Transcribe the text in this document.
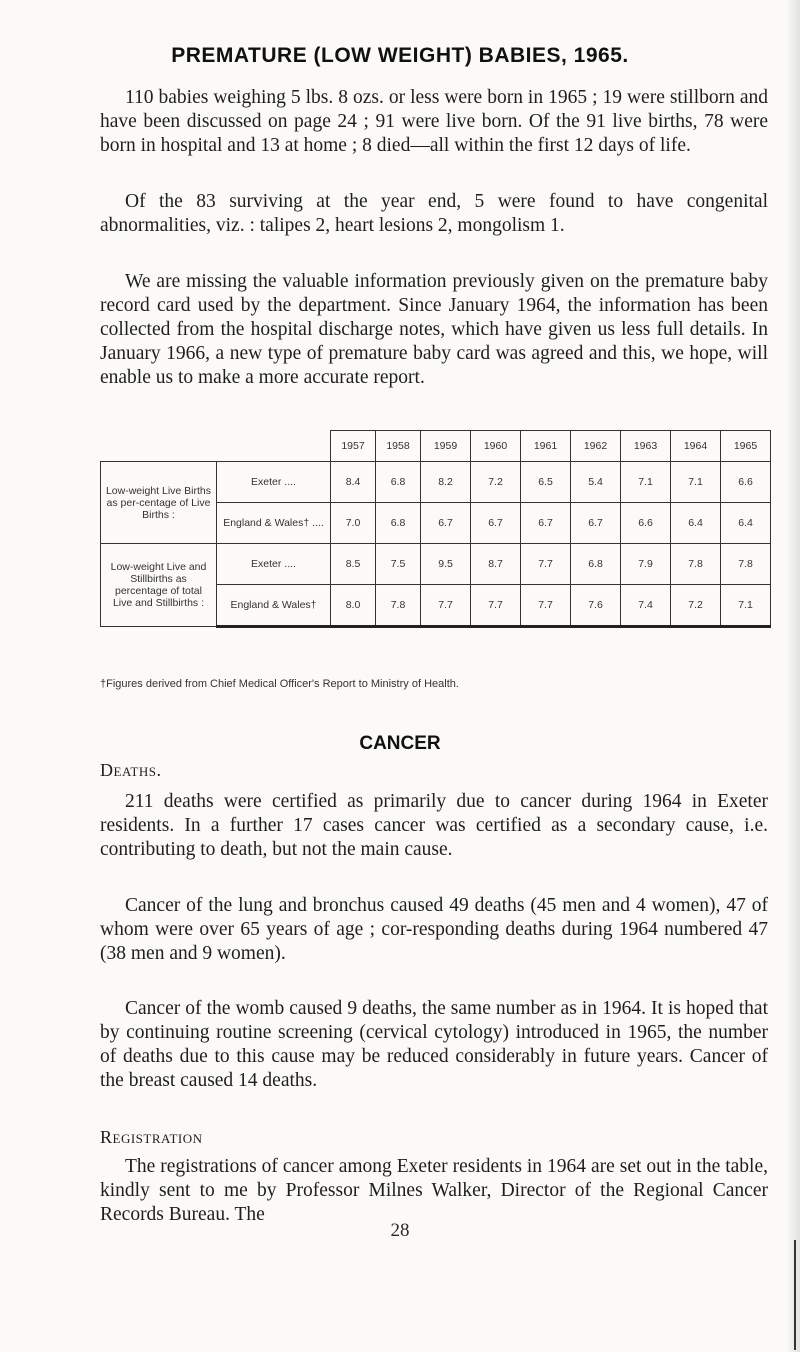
PREMATURE (LOW WEIGHT) BABIES, 1965.

110 babies weighing 5 lbs. 8 ozs. or less were born in 1965 ; 19 were stillborn and have been discussed on page 24 ; 91 were live born. Of the 91 live births, 78 were born in hospital and 13 at home ; 8 died—all within the first 12 days of life.

Of the 83 surviving at the year end, 5 were found to have congenital abnormalities, viz. : talipes 2, heart lesions 2, mongolism 1.

We are missing the valuable information previously given on the premature baby record card used by the department. Since January 1964, the information has been collected from the hospital discharge notes, which have given us less full details. In January 1966, a new type of premature baby card was agreed and this, we hope, will enable us to make a more accurate report.

		1957	1958	1959	1960	1961	1962	1963	1964	1965
Low-weight Live Births as per-centage of Live Births :	Exeter ....	8.4	6.8	8.2	7.2	6.5	5.4	7.1	7.1	6.6
	England & Wales† ....	7.0	6.8	6.7	6.7	6.7	6.7	6.6	6.4	6.4
Low-weight Live and Stillbirths as percentage of total Live and Stillbirths :	Exeter ....	8.5	7.5	9.5	8.7	7.7	6.8	7.9	7.8	7.8
	England & Wales†	8.0	7.8	7.7	7.7	7.7	7.6	7.4	7.2	7.1

†Figures derived from Chief Medical Officer's Report to Ministry of Health.

CANCER

Deaths.

211 deaths were certified as primarily due to cancer during 1964 in Exeter residents. In a further 17 cases cancer was certified as a secondary cause, i.e. contributing to death, but not the main cause.

Cancer of the lung and bronchus caused 49 deaths (45 men and 4 women), 47 of whom were over 65 years of age ; cor-responding deaths during 1964 numbered 47 (38 men and 9 women).

Cancer of the womb caused 9 deaths, the same number as in 1964. It is hoped that by continuing routine screening (cervical cytology) introduced in 1965, the number of deaths due to this cause may be reduced considerably in future years. Cancer of the breast caused 14 deaths.

Registration

The registrations of cancer among Exeter residents in 1964 are set out in the table, kindly sent to me by Professor Milnes Walker, Director of the Regional Cancer Records Bureau. The

28
